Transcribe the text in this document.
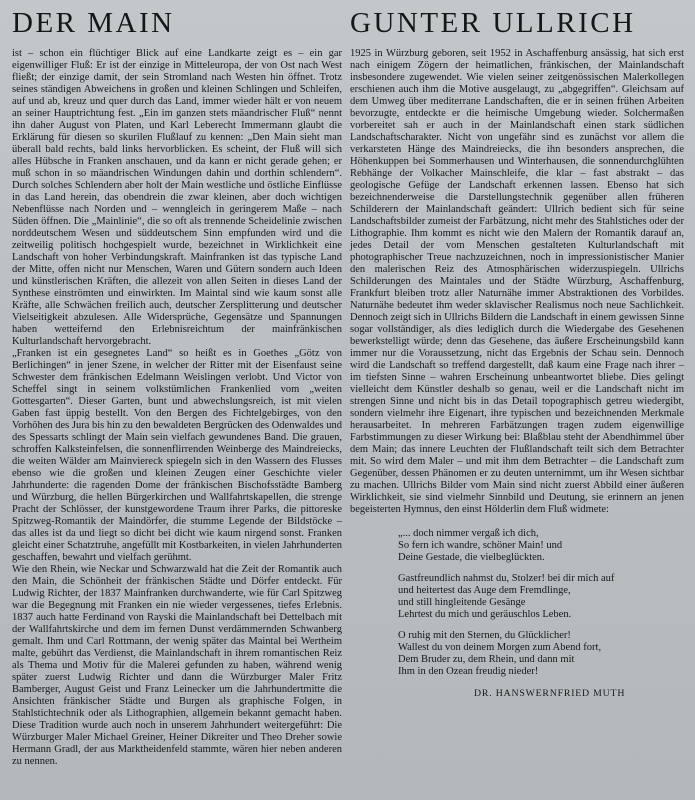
DER MAIN

ist – schon ein flüchtiger Blick auf eine Landkarte zeigt es – ein gar eigenwilliger Fluß: Er ist der einzige in Mitteleuropa, der von Ost nach West fließt; der einzige damit, der sein Stromland nach Westen hin öffnet. Trotz seines ständigen Abweichens in großen und kleinen Schlingen und Schleifen, auf und ab, kreuz und quer durch das Land, immer wieder hält er von neuem an seiner Hauptrichtung fest. „Ein im ganzen stets mäandrischer Fluß“ nennt ihn daher August von Platen, und Karl Leberecht Immermann glaubt die Erklärung für diesen so skurilen Flußlauf zu kennen: „Den Main sieht man überall bald rechts, bald links hervorblicken. Es scheint, der Fluß will sich alles Hübsche in Franken anschauen, und da kann er nicht gerade gehen; er muß schon in so mäandrischen Windungen dahin und dorthin schlendern“. Durch solches Schlendern aber holt der Main westliche und östliche Einflüsse in das Land herein, das obendrein die zwar kleinen, aber doch wichtigen Nebenflüsse nach Norden und – wenngleich in geringerem Maße – nach Süden öffnen. Die „Mainlinie“, die so oft als trennende Scheidelinie zwischen norddeutschem Wesen und süddeutschem Sinn empfunden wird und die zeitweilig politisch hochgespielt wurde, bezeichnet in Wirklichkeit eine Landschaft von hoher Verbindungskraft. Mainfranken ist das typische Land der Mitte, offen nicht nur Menschen, Waren und Gütern sondern auch Ideen und künstlerischen Kräften, die allezeit von allen Seiten in dieses Land der Synthese einströmten und einwirkten. Im Maintal sind wie kaum sonst alle Kräfte, alle Schwächen freilich auch, deutscher Zersplitterung und deutscher Vielseitigkeit abzulesen. Alle Widersprüche, Gegensätze und Spannungen haben wetteifernd den Erlebnisreichtum der mainfränkischen Kulturlandschaft hervorgebracht.

„Franken ist ein gesegnetes Land“ so heißt es in Goethes „Götz von Berlichingen“ in jener Szene, in welcher der Ritter mit der Eisenfaust seine Schwester dem fränkischen Edelmann Weislingen verlobt. Und Victor von Scheffel singt in seinem volkstümlichen Frankenlied vom „weiten Gottesgarten“. Dieser Garten, bunt und abwechslungsreich, ist mit vielen Gaben fast üppig bestellt. Von den Bergen des Fichtelgebirges, von den Vorhöhen des Jura bis hin zu den bewaldeten Bergrücken des Odenwaldes und des Spessarts schlingt der Main sein vielfach gewundenes Band. Die grauen, schroffen Kalksteinfelsen, die sonnenflirrenden Weinberge des Maindreiecks, die weiten Wälder am Mainviereck spiegeln sich in den Wassern des Flusses ebenso wie die großen und kleinen Zeugen einer Geschichte vieler Jahrhunderte: die ragenden Dome der fränkischen Bischofsstädte Bamberg und Würzburg, die hellen Bürgerkirchen und Wallfahrtskapellen, die strenge Pracht der Schlösser, der kunstgewordene Traum ihrer Parks, die pittoreske Spitzweg-Romantik der Maindörfer, die stumme Legende der Bildstöcke – das alles ist da und liegt so dicht bei dicht wie kaum nirgend sonst. Franken gleicht einer Schatztruhe, angefüllt mit Kostbarkeiten, in vielen Jahrhunderten geschaffen, bewahrt und vielfach gerühmt.

Wie den Rhein, wie Neckar und Schwarzwald hat die Zeit der Romantik auch den Main, die Schönheit der fränkischen Städte und Dörfer entdeckt. Für Ludwig Richter, der 1837 Mainfranken durchwanderte, wie für Carl Spitzweg war die Begegnung mit Franken ein nie wieder vergessenes, tiefes Erlebnis. 1837 auch hatte Ferdinand von Rayski die Mainlandschaft bei Dettelbach mit der Wallfahrtskirche und dem im fernen Dunst verdämmernden Schwanberg gemalt. Ihm und Carl Rottmann, der wenig später das Maintal bei Wertheim malte, gebührt das Verdienst, die Mainlandschaft in ihrem romantischen Reiz als Thema und Motiv für die Malerei gefunden zu haben, während wenig später zuerst Ludwig Richter und dann die Würzburger Maler Fritz Bamberger, August Geist und Franz Leinecker um die Jahrhundertmitte die Ansichten fränkischer Städte und Burgen als graphische Folgen, in Stahlstichtechnik oder als Lithographien, allgemein bekannt gemacht haben. Diese Tradition wurde auch noch in unserem Jahrhundert weitergeführt: Die Würzburger Maler Michael Greiner, Heiner Dikreiter und Theo Dreher sowie Hermann Gradl, der aus Marktheidenfeld stammte, wären hier neben anderen zu nennen.

GUNTER ULLRICH

1925 in Würzburg geboren, seit 1952 in Aschaffenburg ansässig, hat sich erst nach einigem Zögern der heimatlichen, fränkischen, der Mainlandschaft insbesondere zugewendet. Wie vielen seiner zeitgenössischen Malerkollegen erschienen auch ihm die Motive ausgelaugt, zu „abgegriffen“. Gleichsam auf dem Umweg über mediterrane Landschaften, die er in seinen frühen Arbeiten bevorzugte, entdeckte er die heimische Umgebung wieder. Solchermaßen vorbereitet sah er auch in der Mainlandschaft einen stark südlichen Landschaftscharakter. Nicht von ungefähr sind es zunächst vor allem die verkarsteten Hänge des Maindreiecks, die ihn besonders ansprechen, die Höhenkuppen bei Sommerhausen und Winterhausen, die sonnendurchglühten Rebhänge der Volkacher Mainschleife, die klar – fast abstrakt – das geologische Gefüge der Landschaft erkennen lassen. Ebenso hat sich bezeichnenderweise die Darstellungstechnik gegenüber allen früheren Schilderern der Mainlandschaft geändert: Ullrich bedient sich für seine Landschaftsbilder zumeist der Farbätzung, nicht mehr des Stahlstiches oder der Lithographie. Ihm kommt es nicht wie den Malern der Romantik darauf an, jedes Detail der vom Menschen gestalteten Kulturlandschaft mit photographischer Treue nachzuzeichnen, noch in impressionistischer Manier den malerischen Reiz des Atmosphärischen widerzuspiegeln. Ullrichs Schilderungen des Maintales und der Städte Würzburg, Aschaffenburg, Frankfurt bleiben trotz aller Naturnähe immer Abstraktionen des Vorbildes. Naturnähe bedeutet ihm weder sklavischer Realismus noch neue Sachlichkeit. Dennoch zeigt sich in Ullrichs Bildern die Landschaft in einem gewissen Sinne sogar vollständiger, als dies lediglich durch die Wiedergabe des Gesehenen bewerkstelligt würde; denn das Gesehene, das äußere Erscheinungsbild kann immer nur die Voraussetzung, nicht das Ergebnis der Schau sein. Dennoch wird die Landschaft so treffend dargestellt, daß kaum eine Frage nach ihrer – im tiefsten Sinne – wahren Erscheinung unbeantwortet bliebe. Dies gelingt vielleicht dem Künstler deshalb so genau, weil er die Landschaft nicht im strengen Sinne und nicht bis in das Detail topographisch getreu wiedergibt, sondern vielmehr ihre Eigenart, ihre typischen und bezeichnenden Merkmale herausarbeitet. In mehreren Farbätzungen tragen zudem eigenwillige Farbstimmungen zu dieser Wirkung bei: Blaßblau steht der Abendhimmel über dem Main; das innere Leuchten der Flußlandschaft teilt sich dem Betrachter mit. So wird dem Maler – und mit ihm dem Betrachter – die Landschaft zum Gegenüber, dessen Phänomen er zu deuten unternimmt, um ihr Wesen sichtbar zu machen. Ullrichs Bilder vom Main sind nicht zuerst Abbild einer äußeren Wirklichkeit, sie sind vielmehr Sinnbild und Deutung, sie erinnern an jenen begeisterten Hymnus, den einst Hölderlin dem Fluß widmete:

„... doch nimmer vergaß ich dich,
So fern ich wandre, schöner Main! und
Deine Gestade, die vielbeglückten.
Gastfreundlich nahmst du, Stolzer! bei dir mich auf
und heitertest das Auge dem Fremdlinge,
und still hingleitende Gesänge
Lehrtest du mich und geräuschlos Leben.
O ruhig mit den Sternen, du Glücklicher!
Wallest du von deinem Morgen zum Abend fort,
Dem Bruder zu, dem Rhein, und dann mit
Ihm in den Ozean freudig nieder!
DR. HANSWERNFRIED MUTH
